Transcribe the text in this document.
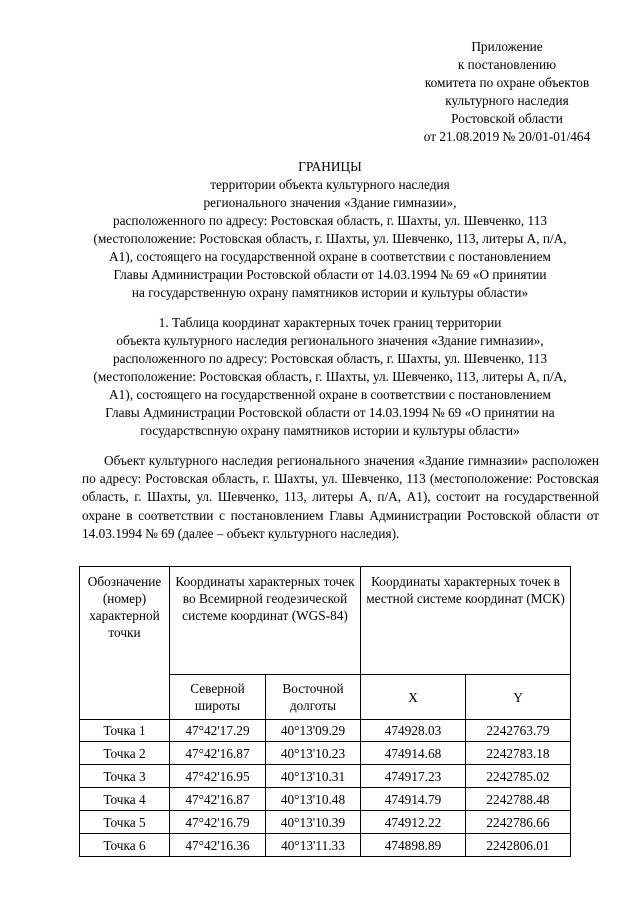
Приложение
к постановлению
комитета по охране объектов
культурного наследия
Ростовской области
от 21.08.2019 № 20/01-01/464
ГРАНИЦЫ
территории объекта культурного наследия
регионального значения «Здание гимназии»,
расположенного по адресу: Ростовская область, г. Шахты, ул. Шевченко, 113
(местоположение: Ростовская область, г. Шахты, ул. Шевченко, 113, литеры А, п/А,
А1), состоящего на государственной охране в соответствии с постановлением
Главы Администрации Ростовской области от 14.03.1994 № 69 «О принятии
на государственную охрану памятников истории и культуры области»
1. Таблица координат характерных точек границ территории
объекта культурного наследия регионального значения «Здание гимназии»,
расположенного по адресу: Ростовская область, г. Шахты, ул. Шевченко, 113
(местоположение: Ростовская область, г. Шахты, ул. Шевченко, 113, литеры А, п/А,
А1), состоящего на государственной охране в соответствии с постановлением
Главы Администрации Ростовской области от 14.03.1994 № 69 «О принятии на
государствсnную охрану памятников истории и культуры области»
Объект культурного наследия регионального значения «Здание гимназии» расположен по адресу: Ростовская область, г. Шахты, ул. Шевченко, 113 (местоположение: Ростовская область, г. Шахты, ул. Шевченко, 113, литеры А, п/А, А1), состоит на государственной охране в соответствии с постановлением Главы Администрации Ростовской области от 14.03.1994 № 69 (далее – объект культурного наследия).
Обозначение (номер) характерной точки	Координаты характерных точек во Всемирной геодезической системе координат (WGS-84)		Координаты характерных точек в местной системе координат (МСК)	
	Северной широты	Восточной долготы	X	Y
Точка 1	47°42'17.29	40°13'09.29	474928.03	2242763.79
Точка 2	47°42'16.87	40°13'10.23	474914.68	2242783.18
Точка 3	47°42'16.95	40°13'10.31	474917.23	2242785.02
Точка 4	47°42'16.87	40°13'10.48	474914.79	2242788.48
Точка 5	47°42'16.79	40°13'10.39	474912.22	2242786.66
Точка 6	47°42'16.36	40°13'11.33	474898.89	2242806.01
